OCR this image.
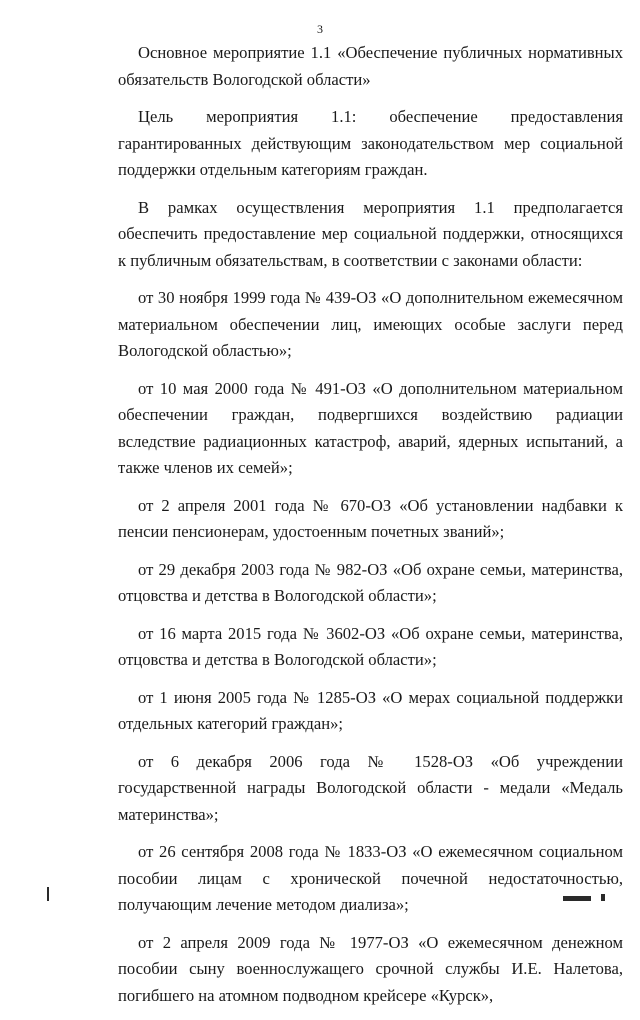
3

Основное мероприятие 1.1 «Обеспечение публичных нормативных обязательств Вологодской области»

Цель мероприятия 1.1: обеспечение предоставления гарантированных действующим законодательством мер социальной поддержки отдельным категориям граждан.

В рамках осуществления мероприятия 1.1 предполагается обеспечить предоставление мер социальной поддержки, относящихся к публичным обязательствам, в соответствии с законами области:

от 30 ноября 1999 года № 439-ОЗ «О дополнительном ежемесячном материальном обеспечении лиц, имеющих особые заслуги перед Вологодской областью»;

от 10 мая 2000 года № 491-ОЗ «О дополнительном материальном обеспечении граждан, подвергшихся воздействию радиации вследствие радиационных катастроф, аварий, ядерных испытаний, а также членов их семей»;

от 2 апреля 2001 года № 670-ОЗ «Об установлении надбавки к пенсии пенсионерам, удостоенным почетных званий»;

от 29 декабря 2003 года № 982-ОЗ «Об охране семьи, материнства, отцовства и детства в Вологодской области»;

от 16 марта 2015 года № 3602-ОЗ «Об охране семьи, материнства, отцовства и детства в Вологодской области»;

от 1 июня 2005 года № 1285-ОЗ «О мерах социальной поддержки отдельных категорий граждан»;

от 6 декабря 2006 года № 1528-ОЗ «Об учреждении государственной награды Вологодской области - медали «Медаль материнства»;

от 26 сентября 2008 года № 1833-ОЗ «О ежемесячном социальном пособии лицам с хронической почечной недостаточностью, получающим лечение методом диализа»;

от 2 апреля 2009 года № 1977-ОЗ «О ежемесячном денежном пособии сыну военнослужащего срочной службы И.Е. Налетова, погибшего на атомном подводном крейсере «Курск»,
